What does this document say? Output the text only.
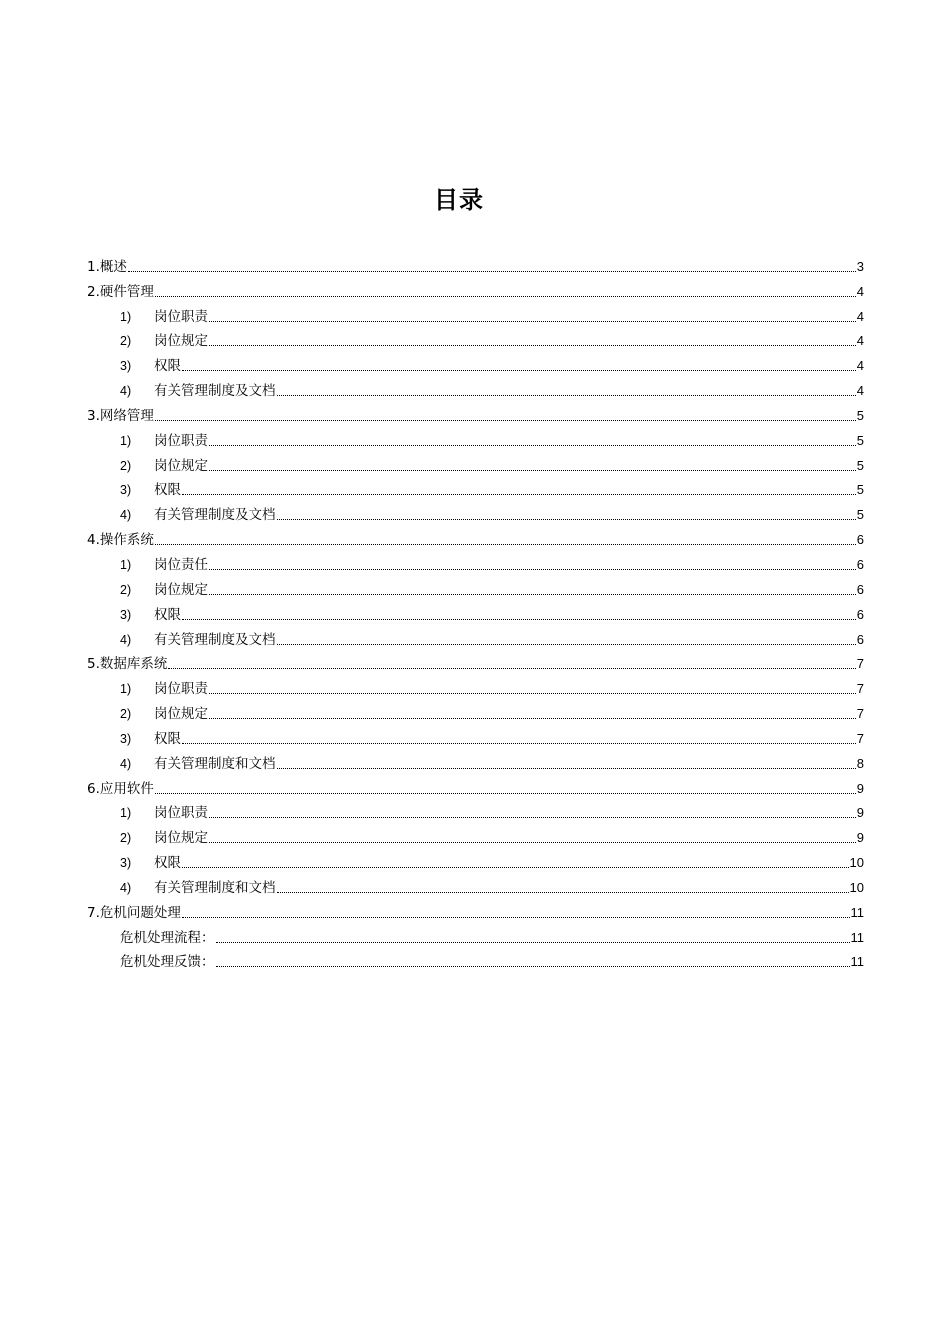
目录
1.概述	3
2.硬件管理	4
1)	岗位职责	4
2)	岗位规定	4
3)	权限	4
4)	有关管理制度及文档	4
3.网络管理	5
1)	岗位职责	5
2)	岗位规定	5
3)	权限	5
4)	有关管理制度及文档	5
4.操作系统	6
1)	岗位责任	6
2)	岗位规定	6
3)	权限	6
4)	有关管理制度及文档	6
5.数据库系统	7
1)	岗位职责	7
2)	岗位规定	7
3)	权限	7
4)	有关管理制度和文档	8
6.应用软件	9
1)	岗位职责	9
2)	岗位规定	9
3)	权限	10
4)	有关管理制度和文档	10
7.危机问题处理	11
危机处理流程：	11
危机处理反馈：	11
